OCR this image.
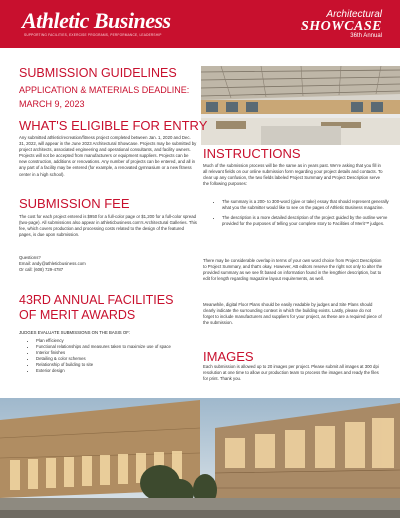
Athletic Business
SUPPORTING FACILITIES, EXERCISE PROGRAMS, PERFORMANCE, LEADERSHIP
Architectural
SHOWCASE
36th Annual

SUBMISSION GUIDELINES

APPLICATION & MATERIALS DEADLINE:

MARCH 9, 2023

WHAT'S ELIGIBLE FOR ENTRY

Any submitted athletic/recreation/fitness project completed between Jan. 1, 2020 and Dec. 31, 2022, will appear in the June 2023 Architectural Showcase. Projects may be submitted by project architects, associated engineering and operational consultants, and facility owners. Projects will not be accepted from manufacturers or equipment suppliers. Projects can be new construction, additions or renovations. Any number of projects can be entered, and all in any part of a facility may be entered (for example, a renovated gymnasium or a new fitness center in a high school).

SUBMISSION FEE

The cost for each project entered is $950 for a full-color page or $1,200 for a full-color spread (two-page). All submissions also appear in athleticbusiness.com's Architectural Galleries. This fee, which covers production and processing costs related to the design of the featured pages, is due upon submission.

Questions?

Email: andy@athleticbusiness.com

Or call: (608) 729-4787

43RD ANNUAL FACILITIES

OF MERIT AWARDS

JUDGES EVALUATE SUBMISSIONS ON THE BASIS OF:

• Plan efficiency
• Functional relationships and measures taken to maximize use of space
• Interior finishes
• Detailing & color schemes
• Relationship of building to site
• Exterior design

INSTRUCTIONS

Much of the submission process will be the same as in years past. We're asking that you fill in all relevant fields on our online submission form regarding your project details and contacts. To clear up any confusion, the two fields labeled Project Summary and Project Description serve the following purposes:

• The summary is a 200- to 300-word (give or take) essay that should represent generally what you the submitter would like to see on the pages of Athletic Business magazine.
• The description is a more detailed description of the project guided by the outline we've provided for the purposes of telling your complete story to Facilities of Merit™ judges.

There may be considerable overlap in terms of your own word choice from Project Description to Project Summary, and that's okay. However, AB editors reserve the right not only to alter the provided summary as we see fit based on information found in the lengthier description, but to edit for length regarding magazine layout requirements, as well.

Meanwhile, digital Floor Plans should be easily readable by judges and Site Plans should clearly indicate the surrounding context in which the building exists. Lastly, please do not forget to include manufacturers and suppliers for your project, as these are a required piece of the submission.

IMAGES

Each submission is allowed up to 20 images per project. Please submit all images at 300 dpi resolution at one time to allow our production team to process the images and ready the files for print. Thank you.
